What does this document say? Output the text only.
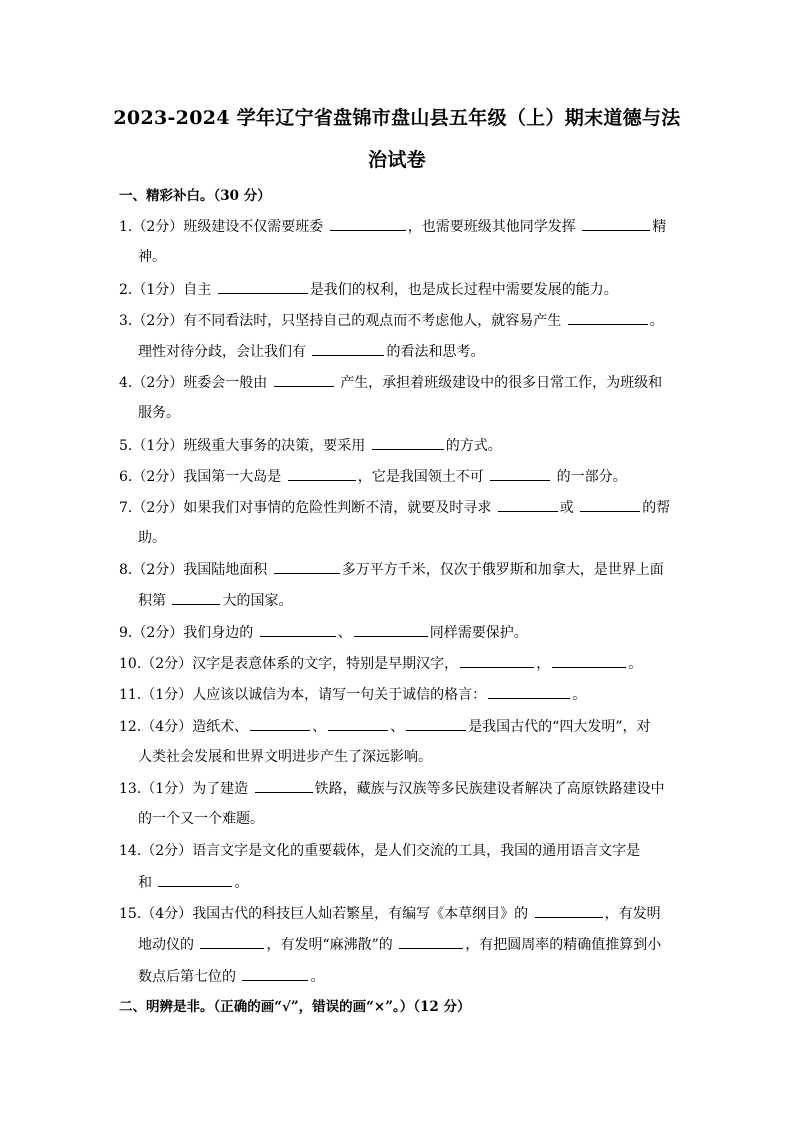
2023-2024 学年辽宁省盘锦市盘山县五年级（上）期末道德与法
治试卷
一、精彩补白。（30 分）
1.（2分）班级建设不仅需要班委	，也需要班级其他同学发挥	精
神。
2.（1分）自主	是我们的权利，也是成长过程中需要发展的能力。
3.（2分）有不同看法时，只坚持自己的观点而不考虑他人，就容易产生	。
理性对待分歧，会让我们有	的看法和思考。
4.（2分）班委会一般由	产生，承担着班级建设中的很多日常工作，为班级和
服务。
5.（1分）班级重大事务的决策，要采用	的方式。
6.（2分）我国第一大岛是	，它是我国领土不可	的一部分。
7.（2分）如果我们对事情的危险性判断不清，就要及时寻求	或	的帮
助。
8.（2分）我国陆地面积	多万平方千米，仅次于俄罗斯和加拿大，是世界上面
积第	大的国家。
9.（2分）我们身边的	、	同样需要保护。
10.（2分）汉字是表意体系的文字，特别是早期汉字，	，	。
11.（1分）人应该以诚信为本，请写一句关于诚信的格言：	。
12.（4分）造纸术、	、	、	是我国古代的“四大发明”，对
人类社会发展和世界文明进步产生了深远影响。
13.（1分）为了建造	铁路，藏族与汉族等多民族建设者解决了高原铁路建设中
的一个又一个难题。
14.（2分）语言文字是文化的重要载体，是人们交流的工具，我国的通用语言文字是
和	。
15.（4分）我国古代的科技巨人灿若繁星，有编写《本草纲目》的	，有发明
地动仪的	，有发明“麻沸散”的	，有把圆周率的精确值推算到小
数点后第七位的	。
二、明辨是非。（正确的画“√”，错误的画“×”。）（12 分）
